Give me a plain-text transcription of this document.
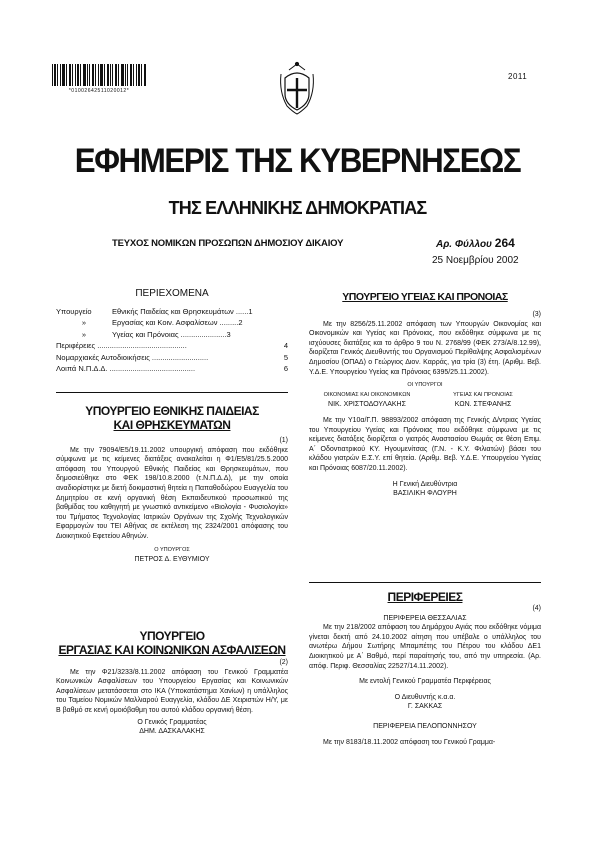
*01002642511020012*
2011
ΕΦΗΜΕΡΙΣ ΤΗΣ ΚΥΒΕΡΝΗΣΕΩΣ
ΤΗΣ ΕΛΛΗΝΙΚΗΣ ΔΗΜΟΚΡΑΤΙΑΣ
ΤΕΥΧΟΣ ΝΟΜΙΚΩΝ ΠΡΟΣΩΠΩΝ ΔΗΜΟΣΙΟΥ ΔΙΚΑΙΟΥ	Αρ. Φύλλου 264
25 Νοεμβρίου 2002
ΠΕΡΙΕΧΟΜΕΝΑ
Υπουργείο	Εθνικής Παιδείας και Θρησκευμάτων ......1
»	Εργασίας και Κοιν. Ασφαλίσεων .........2
»	Υγείας και Πρόνοιας ......................3
Περιφέρειες ...........................................	4
Νομαρχιακές Αυτοδιοικήσεις ...........................	5
Λοιπά Ν.Π.Δ.Δ. .........................................	6
ΥΠΟΥΡΓΕΙΟ ΕΘΝΙΚΗΣ ΠΑΙΔΕΙΑΣ
ΚΑΙ ΘΡΗΣΚΕΥΜΑΤΩΝ
(1)

Με την 79094/Ε5/19.11.2002 υπουργική απόφαση που εκδόθηκε σύμφωνα με τις κείμενες διατάξεις ανακαλείται η Φ1/Ε5/81/25.5.2000 απόφαση του Υπουργού Εθνικής Παιδείας και Θρησκευμάτων, που δημοσιεύθηκε στο ΦΕΚ 198/10.8.2000 (τ.Ν.Π.Δ.Δ), με την οποία αναδιορίστηκε με διετή δοκιμαστική θητεία η Παπαθοδώρου Ευαγγελία του Δημητρίου σε κενή οργανική θέση Εκπαιδευτικού προσωπικού της βαθμίδας του καθηγητή με γνωστικό αντικείμενο «Βιολογία - Φυσιολογία» του Τμήματος Τεχνολογίας Ιατρικών Οργάνων της Σχολής Τεχνολογικών Εφαρμογών του ΤΕΙ Αθήνας σε εκτέλεση της 2324/2001 απόφασης του Διοικητικού Εφετείου Αθηνών.

Ο ΥΠΟΥΡΓΟΣ
ΠΕΤΡΟΣ Δ. ΕΥΘΥΜΙΟΥ
ΥΠΟΥΡΓΕΙΟ
ΕΡΓΑΣΙΑΣ ΚΑΙ ΚΟΙΝΩΝΙΚΩΝ ΑΣΦΑΛΙΣΕΩΝ
(2)

Με την Φ21/3233/8.11.2002 απόφαση του Γενικού Γραμματέα Κοινωνικών Ασφαλίσεων του Υπουργείου Εργασίας και Κοινωνικών Ασφαλίσεων μετατάσσεται στο ΙΚΑ (Υποκατάστημα Χανίων) η υπάλληλος του Ταμείου Νομικών Μαλλιαρού Ευαγγελία, κλάδου ΔΕ Χειριστών Η/Υ, με Β βαθμό σε κενή ομοιόβαθμη του αυτού κλάδου οργανική θέση.

Ο Γενικός Γραμματέας
ΔΗΜ. ΔΑΣΚΑΛΑΚΗΣ
ΥΠΟΥΡΓΕΙΟ ΥΓΕΙΑΣ ΚΑΙ ΠΡΟΝΟΙΑΣ
(3)

Με την 8256/25.11.2002 απόφαση των Υπουργών Οικονομίας και Οικονομικών και Υγείας και Πρόνοιας, που εκδόθηκε σύμφωνα με τις ισχύουσες διατάξεις και το άρθρο 9 του Ν. 2768/99 (ΦΕΚ 273/Α/8.12.99), διορίζεται Γενικός Διευθυντής του Οργανισμού Περίθαλψης Ασφαλισμένων Δημοσίου (ΟΠΑΔ) ο Γεώργιος Διον. Καρράς, για τρία (3) έτη. (Αριθμ. Βεβ. Υ.Δ.Ε. Υπουργείου Υγείας και Πρόνοιας 6395/25.11.2002).

ΟΙ ΥΠΟΥΡΓΟΙ
ΟΙΚΟΝΟΜΙΑΣ ΚΑΙ ΟΙΚΟΝΟΜΙΚΩΝ
ΝΙΚ. ΧΡΙΣΤΟΔΟΥΛΑΚΗΣ
ΥΓΕΙΑΣ ΚΑΙ ΠΡΟΝΟΙΑΣ
ΚΩΝ. ΣΤΕΦΑΝΗΣ

Με την Υ10α/Γ.Π. 98893/2002 απόφαση της Γενικής Δ/ντριας Υγείας του Υπουργείου Υγείας και Πρόνοιας που εκδόθηκε σύμφωνα με τις κείμενες διατάξεις διορίζεται ο γιατρός Αναστασίου Θωμάς σε θέση Επιμ. Α΄ Οδοντιατρικού ΚΥ. Ηγουμενίτσας (Γ.Ν. - Κ.Υ. Φιλιατών) βάσει του κλάδου γιατρών Ε.Σ.Υ. επί θητεία. (Αριθμ. Βεβ. Υ.Δ.Ε. Υπουργείου Υγείας και Πρόνοιας 6087/20.11.2002).

Η Γενική Διευθύντρια
ΒΑΣΙΛΙΚΗ ΦΛΟΥΡΗ
ΠΕΡΙΦΕΡΕΙΕΣ
(4)
ΠΕΡΙΦΕΡΕΙΑ ΘΕΣΣΑΛΙΑΣ

Με την 218/2002 απόφαση του Δημάρχου Αγιάς που εκδόθηκε νόμιμα γίνεται δεκτή από 24.10.2002 αίτηση που υπέβαλε ο υπάλληλος του ανωτέρω Δήμου Σωτήρης Μπαμπέτης του Πέτρου του κλάδου ΔΕ1 Διοικητικού με Α΄ Βαθμό, περί παραίτησής του, από την υπηρεσία. (Αρ. απόφ. Περιφ. Θεσσαλίας 22527/14.11.2002).

Με εντολή Γενικού Γραμματέα Περιφέρειας
Ο Διευθυντής κ.α.α.
Γ. ΣΑΚΚΑΣ
ΠΕΡΙΦΕΡΕΙΑ ΠΕΛΟΠΟΝΝΗΣΟΥ

Με την 8183/18.11.2002 απόφαση του Γενικού Γραμμα-
